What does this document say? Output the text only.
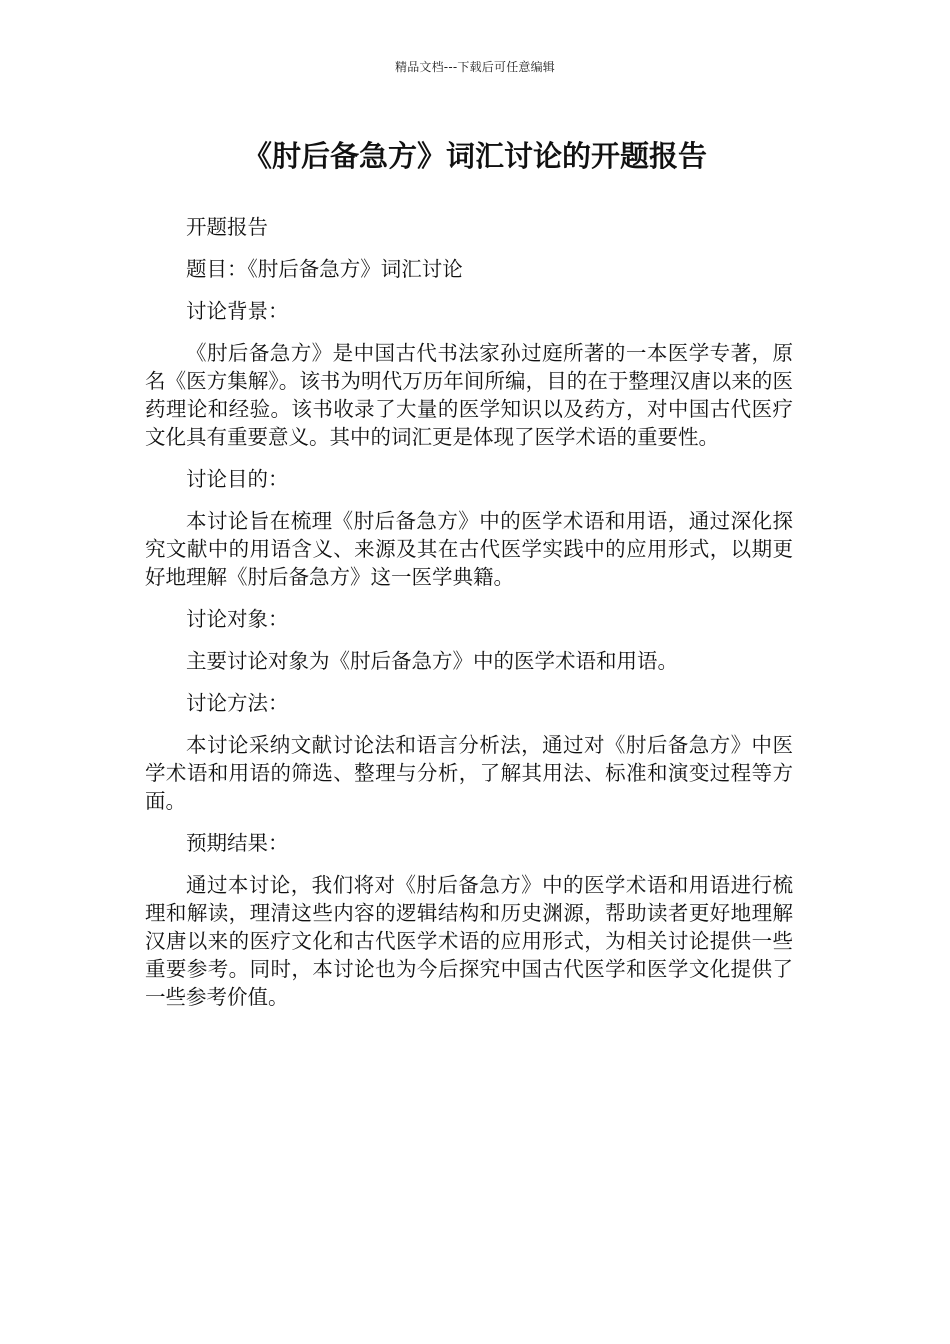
精品文档---下载后可任意编辑
《肘后备急方》词汇讨论的开题报告

开题报告

题目：《肘后备急方》词汇讨论

讨论背景：

《肘后备急方》是中国古代书法家孙过庭所著的一本医学专著，原名《医方集解》。该书为明代万历年间所编，目的在于整理汉唐以来的医药理论和经验。该书收录了大量的医学知识以及药方，对中国古代医疗文化具有重要意义。其中的词汇更是体现了医学术语的重要性。

讨论目的：

本讨论旨在梳理《肘后备急方》中的医学术语和用语，通过深化探究文献中的用语含义、来源及其在古代医学实践中的应用形式，以期更好地理解《肘后备急方》这一医学典籍。

讨论对象：

主要讨论对象为《肘后备急方》中的医学术语和用语。

讨论方法：

本讨论采纳文献讨论法和语言分析法，通过对《肘后备急方》中医学术语和用语的筛选、整理与分析，了解其用法、标准和演变过程等方面。

预期结果：

通过本讨论，我们将对《肘后备急方》中的医学术语和用语进行梳理和解读，理清这些内容的逻辑结构和历史渊源，帮助读者更好地理解汉唐以来的医疗文化和古代医学术语的应用形式，为相关讨论提供一些重要参考。同时，本讨论也为今后探究中国古代医学和医学文化提供了一些参考价值。
